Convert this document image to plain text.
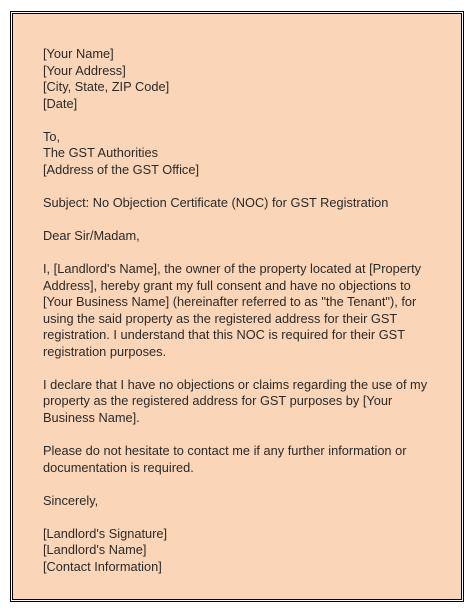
[Your Name]
[Your Address]
[City, State, ZIP Code]
[Date]
To,
The GST Authorities
[Address of the GST Office]
Subject: No Objection Certificate (NOC) for GST Registration
Dear Sir/Madam,
I, [Landlord's Name], the owner of the property located at [Property Address], hereby grant my full consent and have no objections to [Your Business Name] (hereinafter referred to as "the Tenant"), for using the said property as the registered address for their GST registration. I understand that this NOC is required for their GST registration purposes.
I declare that I have no objections or claims regarding the use of my property as the registered address for GST purposes by [Your Business Name].
Please do not hesitate to contact me if any further information or documentation is required.
Sincerely,
[Landlord's Signature]
[Landlord's Name]
[Contact Information]
